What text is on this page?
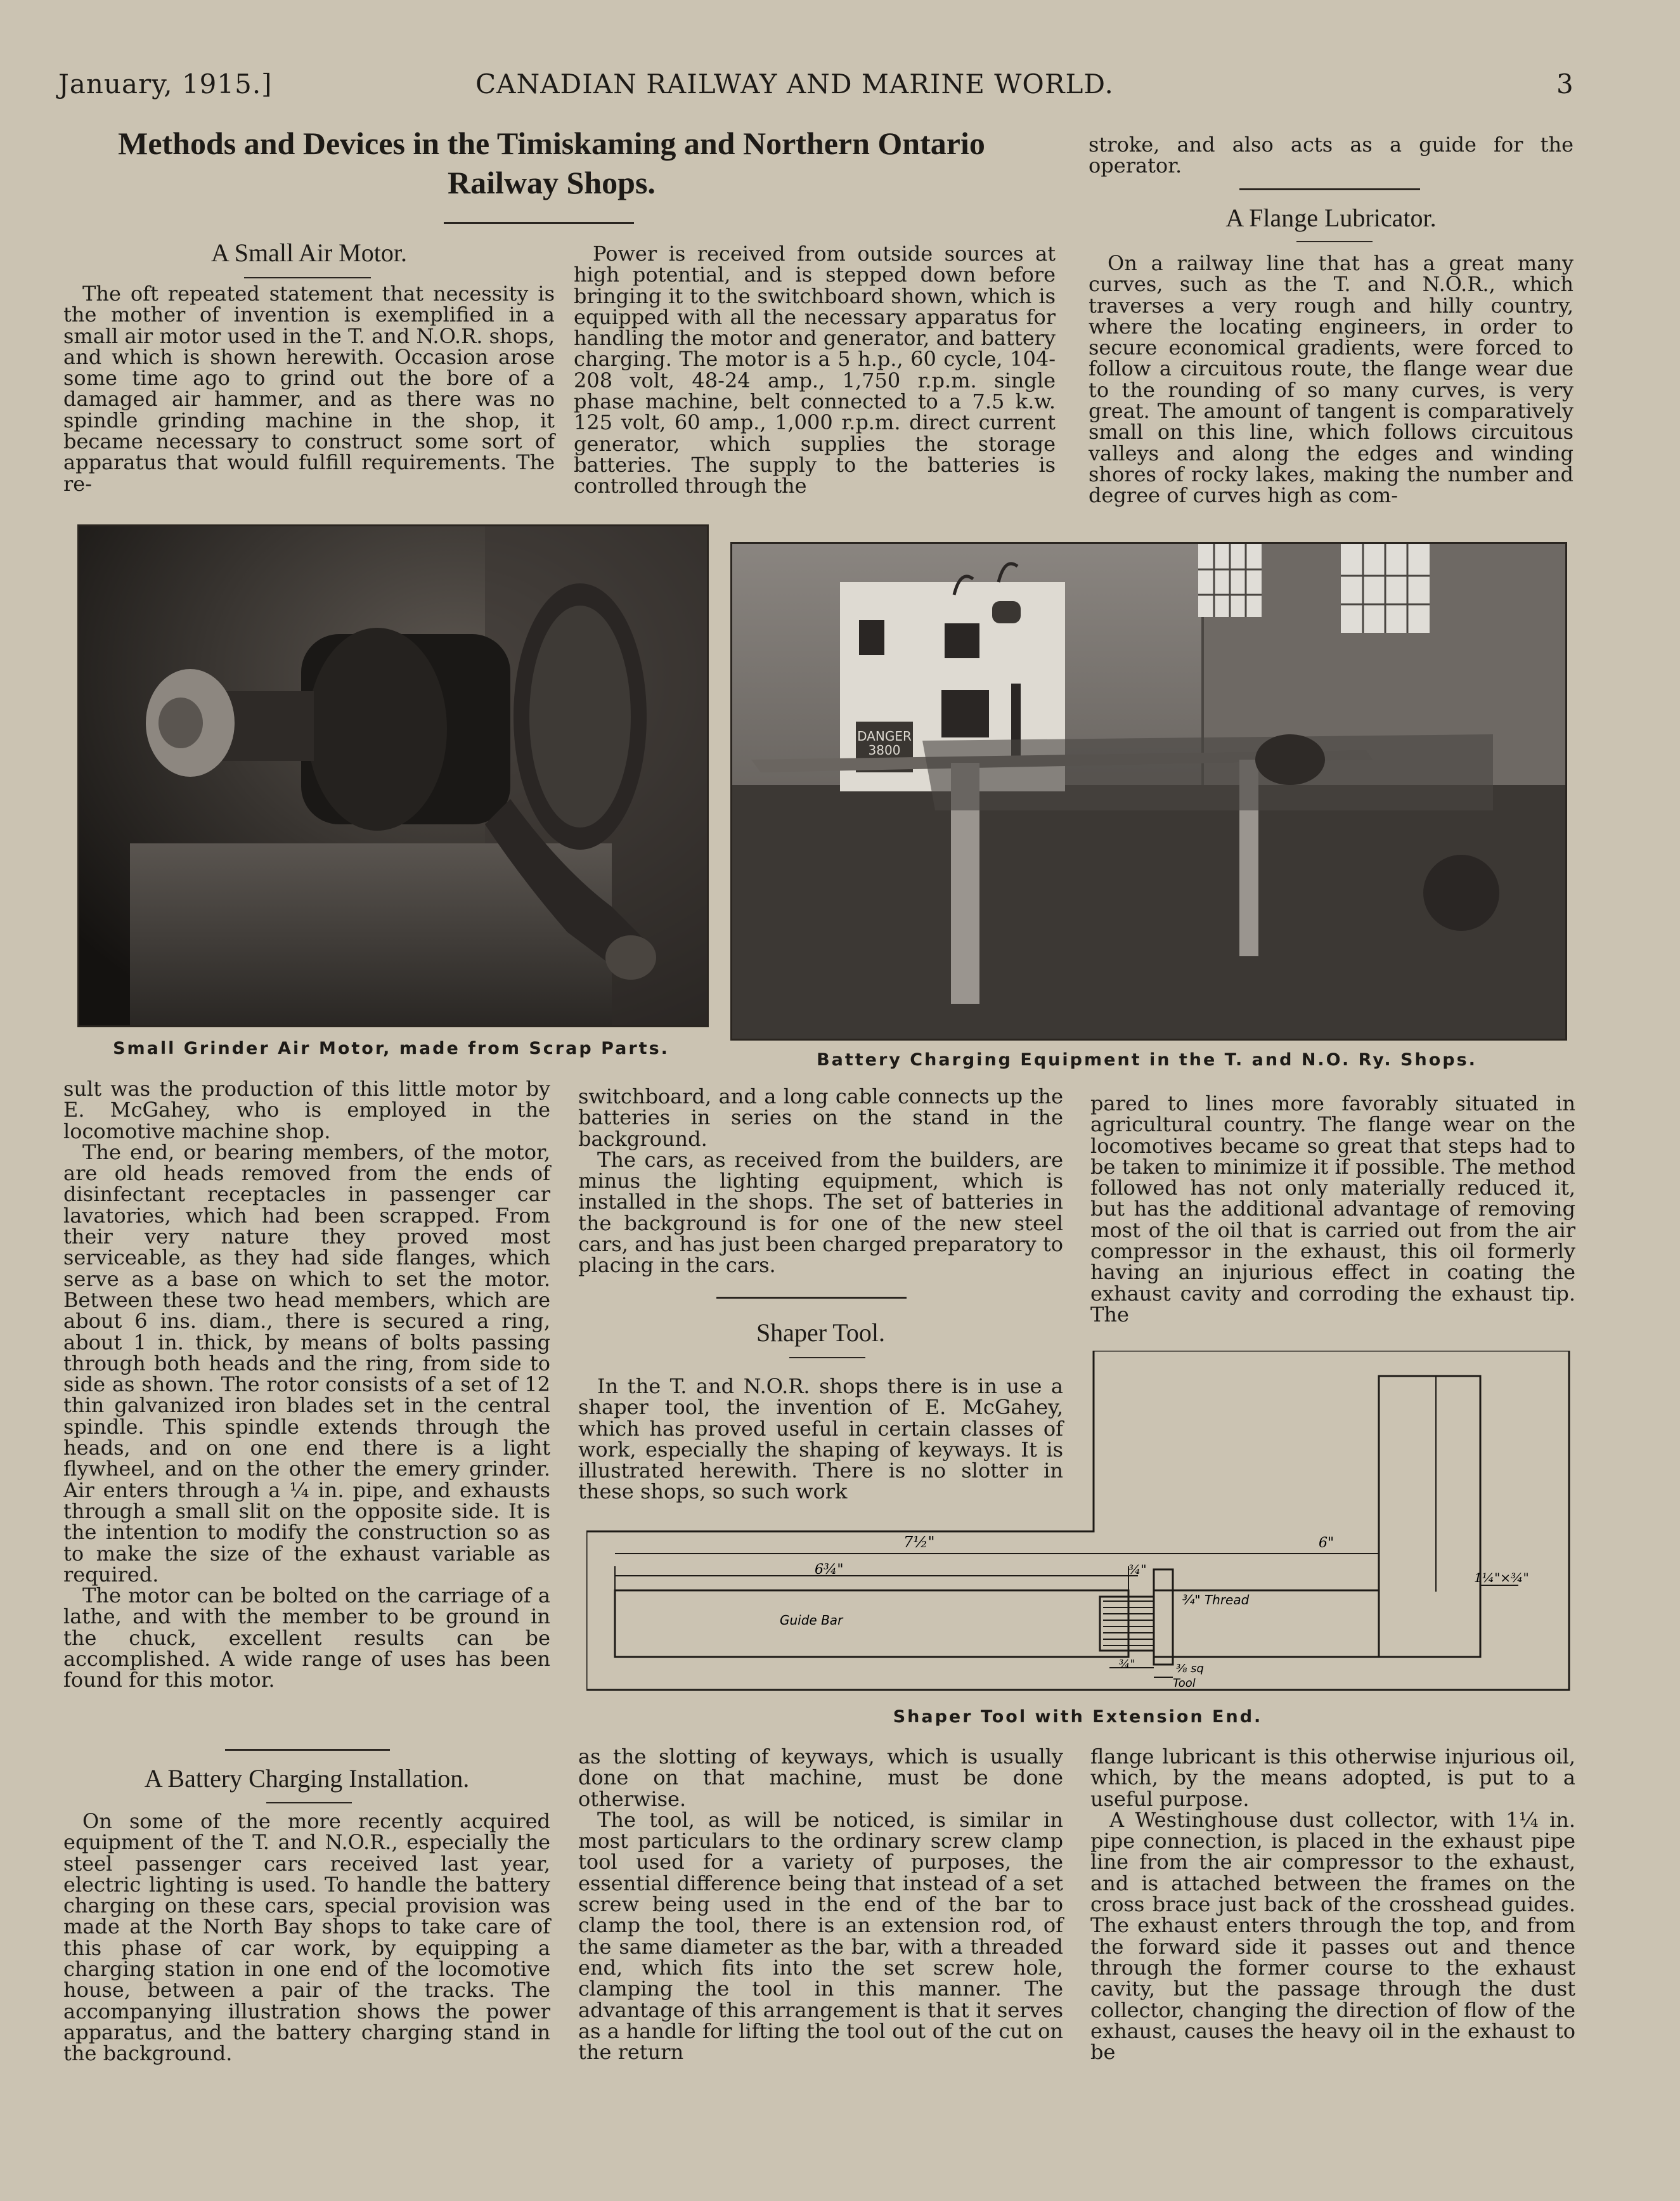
January, 1915.]	CANADIAN RAILWAY AND MARINE WORLD.	3
Methods and Devices in the Timiskaming and Northern Ontario
Railway Shops.
A Small Air Motor.

The oft repeated statement that necessity is the mother of invention is exemplified in a small air motor used in the T. and N.O.R. shops, and which is shown herewith. Occasion arose some time ago to grind out the bore of a damaged air hammer, and as there was no spindle grinding machine in the shop, it became necessary to construct some sort of apparatus that would fulfill requirements. The re-

Power is received from outside sources at high potential, and is stepped down before bringing it to the switchboard shown, which is equipped with all the necessary apparatus for handling the motor and generator, and battery charging. The motor is a 5 h.p., 60 cycle, 104-208 volt, 48-24 amp., 1,750 r.p.m. single phase machine, belt connected to a 7.5 k.w. 125 volt, 60 amp., 1,000 r.p.m. direct current generator, which supplies the storage batteries. The supply to the batteries is controlled through the

stroke, and also acts as a guide for the operator.

A Flange Lubricator.

On a railway line that has a great many curves, such as the T. and N.O.R., which traverses a very rough and hilly country, where the locating engineers, in order to secure economical gradients, were forced to follow a circuitous route, the flange wear due to the rounding of so many curves, is very great. The amount of tangent is comparatively small on this line, which follows circuitous valleys and along the edges and winding shores of rocky lakes, making the number and degree of curves high as com-

DANGER
3800
Small Grinder Air Motor, made from Scrap Parts.
Battery Charging Equipment in the T. and N.O. Ry. Shops.

sult was the production of this little motor by E. McGahey, who is employed in the locomotive machine shop.

The end, or bearing members, of the motor, are old heads removed from the ends of disinfectant receptacles in passenger car lavatories, which had been scrapped. From their very nature they proved most serviceable, as they had side flanges, which serve as a base on which to set the motor. Between these two head members, which are about 6 ins. diam., there is secured a ring, about 1 in. thick, by means of bolts passing through both heads and the ring, from side to side as shown. The rotor consists of a set of 12 thin galvanized iron blades set in the central spindle. This spindle extends through the heads, and on one end there is a light flywheel, and on the other the emery grinder. Air enters through a ¼ in. pipe, and exhausts through a small slit on the opposite side. It is the intention to modify the construction so as to make the size of the exhaust variable as required.

The motor can be bolted on the carriage of a lathe, and with the member to be ground in the chuck, excellent results can be accomplished. A wide range of uses has been found for this motor.

A Battery Charging Installation.

On some of the more recently acquired equipment of the T. and N.O.R., especially the steel passenger cars received last year, electric lighting is used. To handle the battery charging on these cars, special provision was made at the North Bay shops to take care of this phase of car work, by equipping a charging station in one end of the locomotive house, between a pair of the tracks. The accompanying illustration shows the power apparatus, and the battery charging stand in the background.

switchboard, and a long cable connects up the batteries in series on the stand in the background.

The cars, as received from the builders, are minus the lighting equipment, which is installed in the shops. The set of batteries in the background is for one of the new steel cars, and has just been charged preparatory to placing in the cars.

Shaper Tool.

In the T. and N.O.R. shops there is in use a shaper tool, the invention of E. McGahey, which has proved useful in certain classes of work, especially the shaping of keyways. It is illustrated herewith. There is no slotter in these shops, so such work

6"
7½"
6¾"	¾"
1¼"×¾"
Guide Bar
¾" Thread
¾"	⅜ sq
Tool
Shaper Tool with Extension End.

as the slotting of keyways, which is usually done on that machine, must be done otherwise.

The tool, as will be noticed, is similar in most particulars to the ordinary screw clamp tool used for a variety of purposes, the essential difference being that instead of a set screw being used in the end of the bar to clamp the tool, there is an extension rod, of the same diameter as the bar, with a threaded end, which fits into the set screw hole, clamping the tool in this manner. The advantage of this arrangement is that it serves as a handle for lifting the tool out of the cut on the return

pared to lines more favorably situated in agricultural country. The flange wear on the locomotives became so great that steps had to be taken to minimize it if possible. The method followed has not only materially reduced it, but has the additional advantage of removing most of the oil that is carried out from the air compressor in the exhaust, this oil formerly having an injurious effect in coating the exhaust cavity and corroding the exhaust tip. The

flange lubricant is this otherwise injurious oil, which, by the means adopted, is put to a useful purpose.

A Westinghouse dust collector, with 1¼ in. pipe connection, is placed in the exhaust pipe line from the air compressor to the exhaust, and is attached between the frames on the cross brace just back of the crosshead guides. The exhaust enters through the top, and from the forward side it passes out and thence through the former course to the exhaust cavity, but the passage through the dust collector, changing the direction of flow of the exhaust, causes the heavy oil in the exhaust to be
